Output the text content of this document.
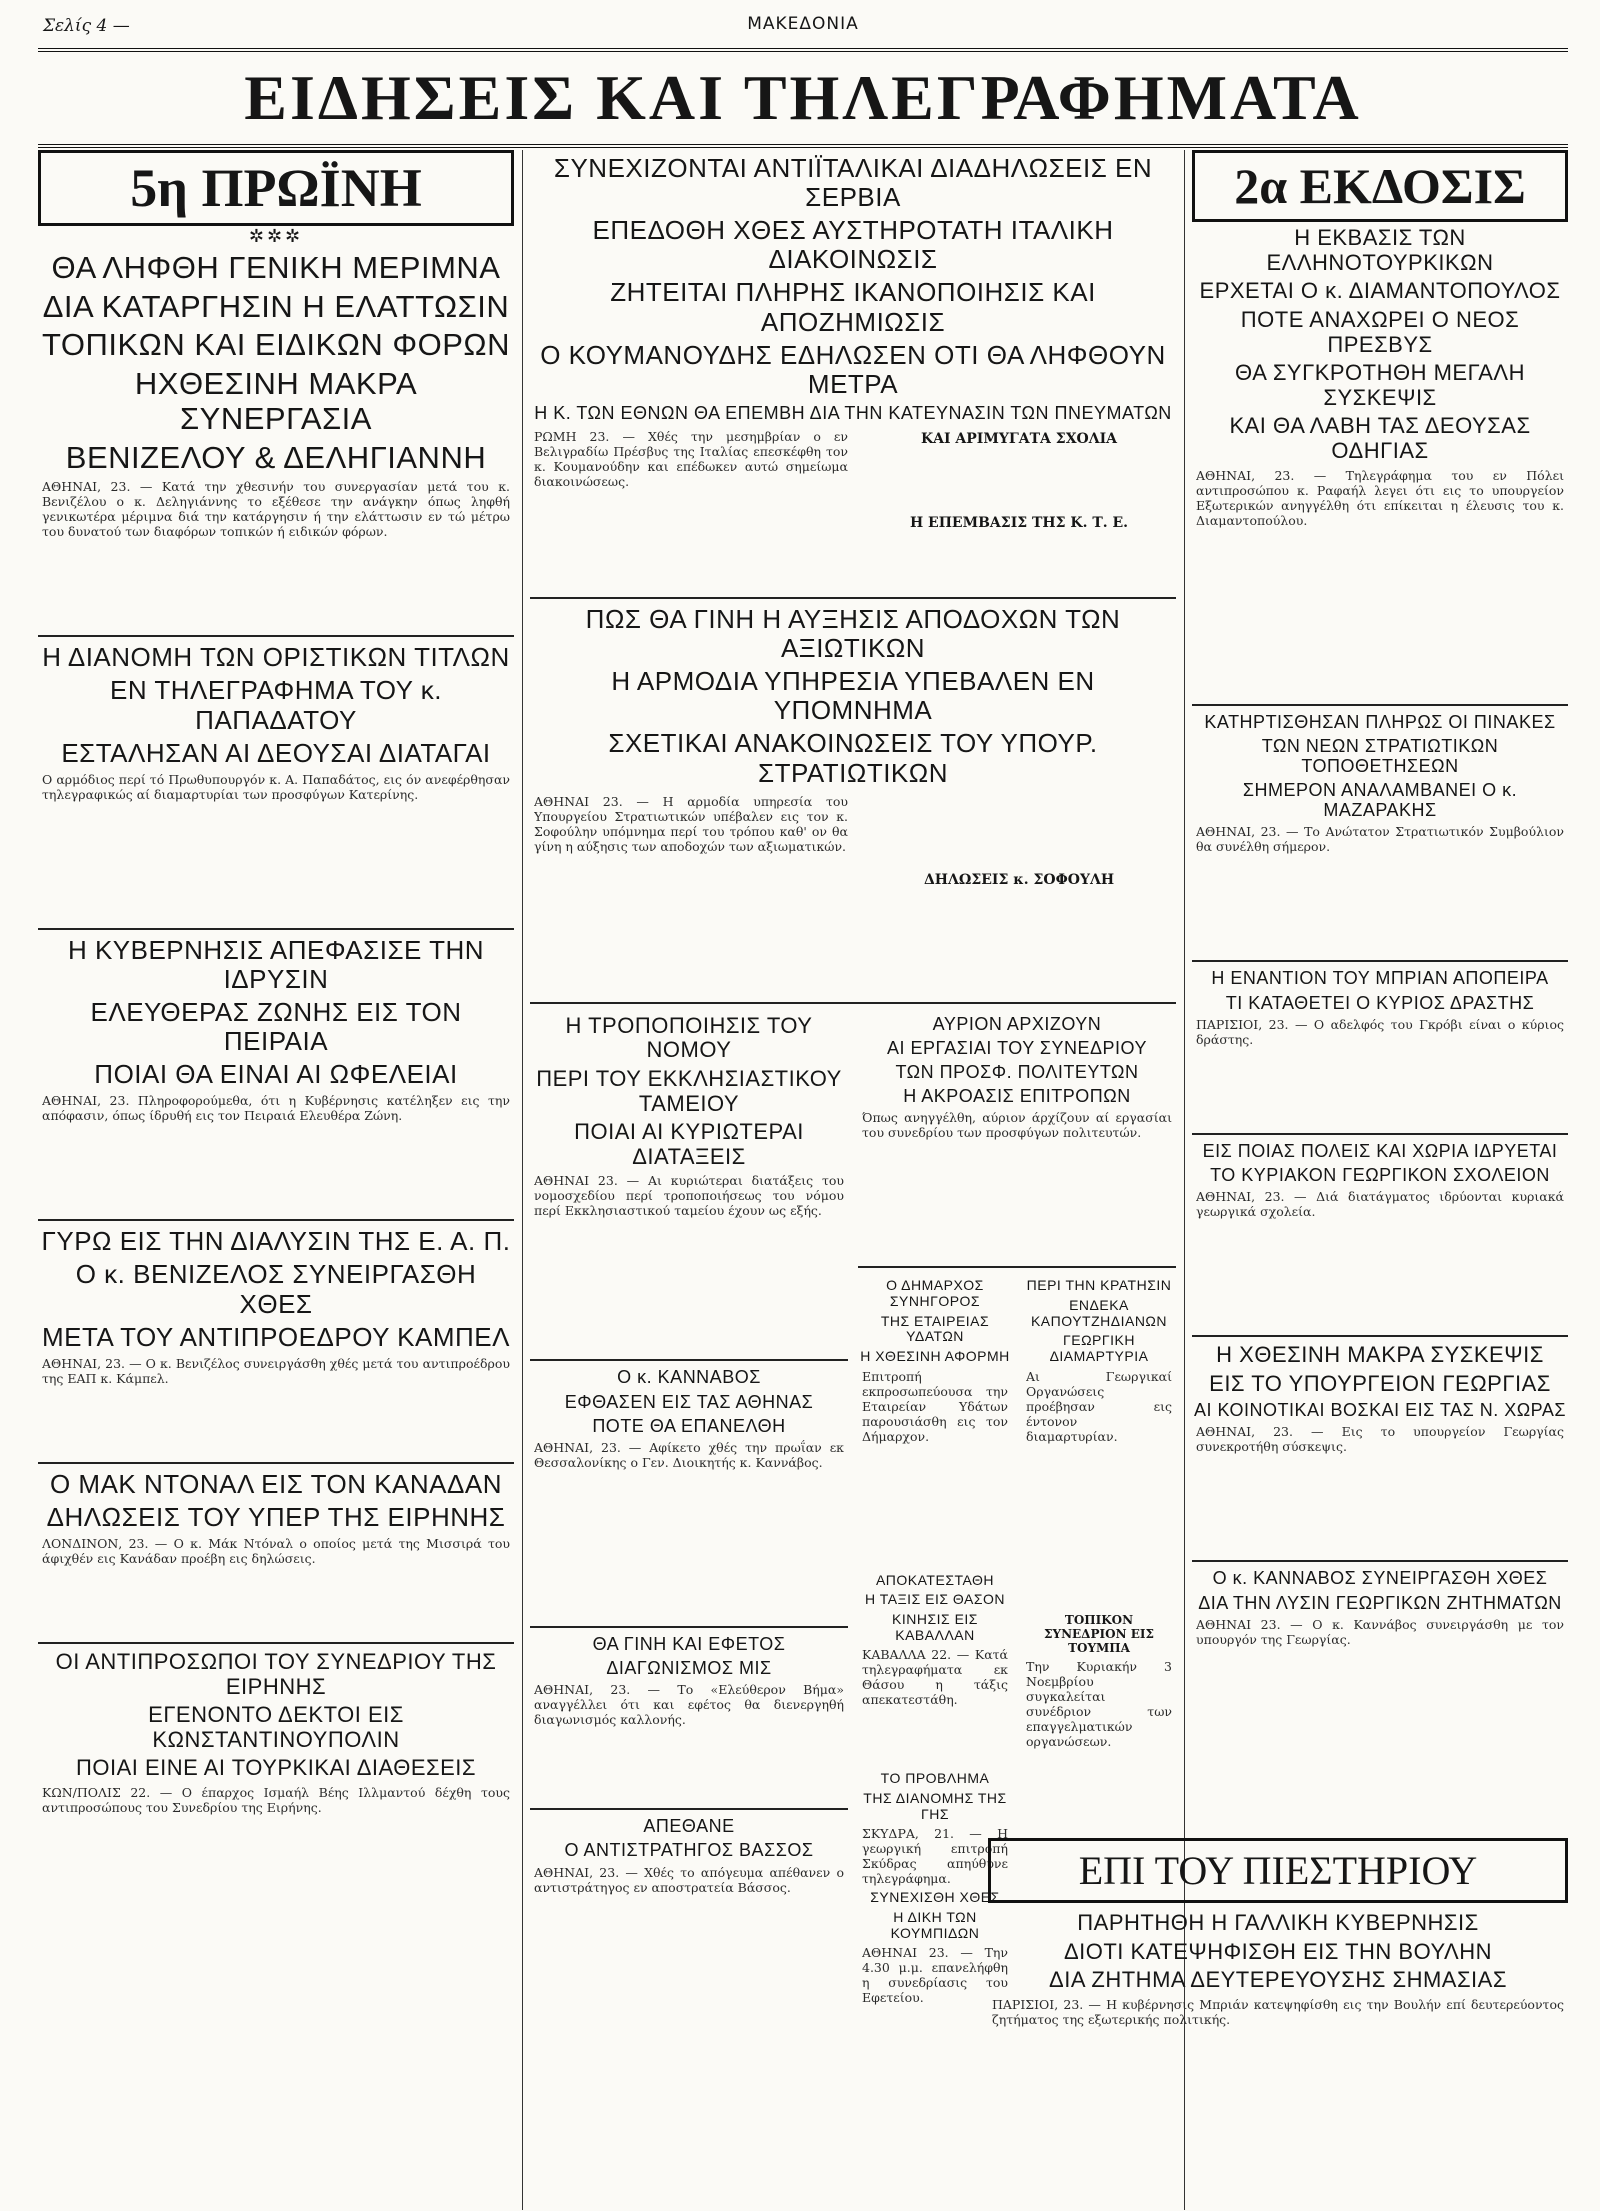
Σελίς 4 —	ΜΑΚΕΔΟΝΙΑ
ΕΙΔΗΣΕΙΣ ΚΑΙ ΤΗΛΕΓΡΑΦΗΜΑΤΑ
5η ΠΡΩΪΝΗ
✲✲✲
ΘΑ ΛΗΦΘΗ ΓΕΝΙΚΗ ΜΕΡΙΜΝΑ
ΔΙΑ ΚΑΤΑΡΓΗΣΙΝ Η ΕΛΑΤΤΩΣΙΝ
ΤΟΠΙΚΩΝ ΚΑΙ ΕΙΔΙΚΩΝ ΦΟΡΩΝ
ΗΧΘΕΣΙΝΗ ΜΑΚΡΑ ΣΥΝΕΡΓΑΣΙΑ
ΒΕΝΙΖΕΛΟΥ & ΔΕΛΗΓΙΑΝΝΗ
ΑΘΗΝΑΙ, 23. — Κατά την χθεσινήν του συνεργασίαν μετά του κ. Βενιζέλου ο κ. Δεληγιάννης το εξέθεσε την ανάγκην όπως ληφθή γενικωτέρα μέριμνα διά την κατάργησιν ή την ελάττωσιν εν τώ μέτρω του δυνατού των διαφόρων τοπικών ή ειδικών φόρων.
Η ΔΙΑΝΟΜΗ ΤΩΝ ΟΡΙΣΤΙΚΩΝ ΤΙΤΛΩΝ
ΕΝ ΤΗΛΕΓΡΑΦΗΜΑ ΤΟΥ κ. ΠΑΠΑΔΑΤΟΥ
ΕΣΤΑΛΗΣΑΝ ΑΙ ΔΕΟΥΣΑΙ ΔΙΑΤΑΓΑΙ
Ο αρμόδιος περί τό Πρωθυπουργόν κ. Α. Παπαδάτος, εις όν ανεφέρθησαν τηλεγραφικώς αί διαμαρτυρίαι των προσφύγων Κατερίνης.
Η ΚΥΒΕΡΝΗΣΙΣ ΑΠΕΦΑΣΙΣΕ ΤΗΝ ΙΔΡΥΣΙΝ
ΕΛΕΥΘΕΡΑΣ ΖΩΝΗΣ ΕΙΣ ΤΟΝ ΠΕΙΡΑΙΑ
ΠΟΙΑΙ ΘΑ ΕΙΝΑΙ ΑΙ ΩΦΕΛΕΙΑΙ
ΑΘΗΝΑΙ, 23. Πληροφορούμεθα, ότι η Κυβέρνησις κατέληξεν εις την απόφασιν, όπως ίδρυθή εις τον Πειραιά Ελευθέρα Ζώνη.
ΓΥΡΩ ΕΙΣ ΤΗΝ ΔΙΑΛΥΣΙΝ ΤΗΣ Ε. Α. Π.
Ο κ. ΒΕΝΙΖΕΛΟΣ ΣΥΝΕΙΡΓΑΣΘΗ ΧΘΕΣ
ΜΕΤΑ ΤΟΥ ΑΝΤΙΠΡΟΕΔΡΟΥ ΚΑΜΠΕΛ
ΑΘΗΝΑΙ, 23. — Ο κ. Βενιζέλος συνειργάσθη χθές μετά του αντιπροέδρου της ΕΑΠ κ. Κάμπελ.
Ο ΜΑΚ ΝΤΟΝΑΛ ΕΙΣ ΤΟΝ ΚΑΝΑΔΑΝ
ΔΗΛΩΣΕΙΣ ΤΟΥ ΥΠΕΡ ΤΗΣ ΕΙΡΗΝΗΣ
ΛΟΝΔΙΝΟΝ, 23. — Ο κ. Μάκ Ντόναλ ο οποίος μετά της Μισσιρά του άφιχθέν εις Κανάδαν προέβη εις δηλώσεις.
ΟΙ ΑΝΤΙΠΡΟΣΩΠΟΙ ΤΟΥ ΣΥΝΕΔΡΙΟΥ ΤΗΣ ΕΙΡΗΝΗΣ
ΕΓΕΝΟΝΤΟ ΔΕΚΤΟΙ ΕΙΣ ΚΩΝΣΤΑΝΤΙΝΟΥΠΟΛΙΝ
ΠΟΙΑΙ ΕΙΝΕ ΑΙ ΤΟΥΡΚΙΚΑΙ ΔΙΑΘΕΣΕΙΣ
ΚΩΝ/ΠΟΛΙΣ 22. — Ο έπαρχος Ισμαήλ Βέης Ιλλμαντού δέχθη τους αντιπροσώπους του Συνεδρίου της Ειρήνης.
ΣΥΝΕΧΙΖΟΝΤΑΙ ΑΝΤΙΪΤΑΛΙΚΑΙ ΔΙΑΔΗΛΩΣΕΙΣ ΕΝ ΣΕΡΒΙΑ
ΕΠΕΔΟΘΗ ΧΘΕΣ ΑΥΣΤΗΡΟΤΑΤΗ ΙΤΑΛΙΚΗ ΔΙΑΚΟΙΝΩΣΙΣ
ΖΗΤΕΙΤΑΙ ΠΛΗΡΗΣ ΙΚΑΝΟΠΟΙΗΣΙΣ ΚΑΙ ΑΠΟΖΗΜΙΩΣΙΣ
Ο ΚΟΥΜΑΝΟΥΔΗΣ ΕΔΗΛΩΣΕΝ ΟΤΙ ΘΑ ΛΗΦΘΟΥΝ ΜΕΤΡΑ
Η Κ. ΤΩΝ ΕΘΝΩΝ ΘΑ ΕΠΕΜΒΗ ΔΙΑ ΤΗΝ ΚΑΤΕΥΝΑΣΙΝ ΤΩΝ ΠΝΕΥΜΑΤΩΝ
ΡΩΜΗ 23. — Χθές την μεσημβρίαν ο εν Βελιγραδίω Πρέσβυς της Ιταλίας επεσκέφθη τον κ. Κουμανούδην και επέδωκεν αυτώ σημείωμα διακοινώσεως.
ΚΑΙ ΑΡΙΜΥΓΑΤΑ ΣΧΟΛΙΑ
Η ΕΠΕΜΒΑΣΙΣ ΤΗΣ Κ. Τ. Ε.
ΠΩΣ ΘΑ ΓΙΝΗ Η ΑΥΞΗΣΙΣ ΑΠΟΔΟΧΩΝ ΤΩΝ ΑΞΙΩΤΙΚΩΝ
Η ΑΡΜΟΔΙΑ ΥΠΗΡΕΣΙΑ ΥΠΕΒΑΛΕΝ ΕΝ ΥΠΟΜΝΗΜΑ
ΣΧΕΤΙΚΑΙ ΑΝΑΚΟΙΝΩΣΕΙΣ ΤΟΥ ΥΠΟΥΡ. ΣΤΡΑΤΙΩΤΙΚΩΝ
ΑΘΗΝΑΙ 23. — Η αρμοδία υπηρεσία του Υπουργείου Στρατιωτικών υπέβαλεν εις τον κ. Σοφούλην υπόμνημα περί του τρόπου καθ' ον θα γίνη η αύξησις των αποδοχών των αξιωματικών.
ΔΗΛΩΣΕΙΣ κ. ΣΟΦΟΥΛΗ
Η ΤΡΟΠΟΠΟΙΗΣΙΣ ΤΟΥ ΝΟΜΟΥ
ΠΕΡΙ ΤΟΥ ΕΚΚΛΗΣΙΑΣΤΙΚΟΥ ΤΑΜΕΙΟΥ
ΠΟΙΑΙ ΑΙ ΚΥΡΙΩΤΕΡΑΙ ΔΙΑΤΑΞΕΙΣ
ΑΘΗΝΑΙ 23. — Αι κυριώτεραι διατάξεις του νομοσχεδίου περί τροποποιήσεως του νόμου περί Εκκλησιαστικού ταμείου έχουν ως εξής.
Ο κ. ΚΑΝΝΑΒΟΣ
ΕΦΘΑΣΕΝ ΕΙΣ ΤΑΣ ΑΘΗΝΑΣ
ΠΟΤΕ ΘΑ ΕΠΑΝΕΛΘΗ
ΑΘΗΝΑΙ, 23. — Αφίκετο χθές την πρωΐαν εκ Θεσσαλονίκης ο Γεν. Διοικητής κ. Καννάβος.
ΘΑ ΓΙΝΗ ΚΑΙ ΕΦΕΤΟΣ
ΔΙΑΓΩΝΙΣΜΟΣ ΜΙΣ
ΑΘΗΝΑΙ, 23. — Το «Ελεύθερον Βήμα» αναγγέλλει ότι και εφέτος θα διενεργηθή διαγωνισμός καλλονής.
ΑΠΕΘΑΝΕ
Ο ΑΝΤΙΣΤΡΑΤΗΓΟΣ ΒΑΣΣΟΣ
ΑΘΗΝΑΙ, 23. — Χθές το απόγευμα απέθανεν ο αντιστράτηγος εν αποστρατεία Βάσσος.
ΑΥΡΙΟΝ ΑΡΧΙΖΟΥΝ
ΑΙ ΕΡΓΑΣΙΑΙ ΤΟΥ ΣΥΝΕΔΡΙΟΥ
ΤΩΝ ΠΡΟΣΦ. ΠΟΛΙΤΕΥΤΩΝ
Η ΑΚΡΟΑΣΙΣ ΕΠΙΤΡΟΠΩΝ
Όπως ανηγγέλθη, αύριον άρχίζουν αί εργασίαι του συνεδρίου των προσφύγων πολιτευτών.
Ο ΔΗΜΑΡΧΟΣ ΣΥΝΗΓΟΡΟΣ
ΤΗΣ ΕΤΑΙΡΕΙΑΣ ΥΔΑΤΩΝ
Η ΧΘΕΣΙΝΗ ΑΦΟΡΜΗ
Επιτροπή εκπροσωπεύουσα την Εταιρείαν Υδάτων παρουσιάσθη εις τον Δήμαρχον.
ΑΠΟΚΑΤΕΣΤΑΘΗ
Η ΤΑΞΙΣ ΕΙΣ ΘΑΣΟΝ
ΚΙΝΗΣΙΣ ΕΙΣ ΚΑΒΑΛΛΑΝ
ΚΑΒΑΛΛΑ 22. — Κατά τηλεγραφήματα εκ Θάσου η τάξις απεκατεστάθη.
ΤΟ ΠΡΟΒΛΗΜΑ
ΤΗΣ ΔΙΑΝΟΜΗΣ ΤΗΣ ΓΗΣ
ΣΚΥΔΡΑ, 21. — Η γεωργική επιτροπή Σκύδρας απηύθυνε τηλεγράφημα.
ΣΥΝΕΧΙΣΘΗ ΧΘΕΣ
Η ΔΙΚΗ ΤΩΝ ΚΟΥΜΠΙΔΩΝ
ΑΘΗΝΑΙ 23. — Την 4.30 μ.μ. επανελήφθη η συνεδρίασις του Εφετείου.
ΠΕΡΙ ΤΗΝ ΚΡΑΤΗΣΙΝ
ΕΝΔΕΚΑ ΚΑΠΟΥΤΖΗΔΙΑΝΩΝ
ΓΕΩΡΓΙΚΗ ΔΙΑΜΑΡΤΥΡΙΑ
Αι Γεωργικαί Οργανώσεις προέβησαν εις έντονον διαμαρτυρίαν.
ΤΟΠΙΚΟΝ ΣΥΝΕΔΡΙΟΝ ΕΙΣ ΤΟΥΜΠΑ
Την Κυριακήν 3 Νοεμβρίου συγκαλείται συνέδριον των επαγγελματικών οργανώσεων.
2α ΕΚΔΟΣΙΣ
Η ΕΚΒΑΣΙΣ ΤΩΝ ΕΛΛΗΝΟΤΟΥΡΚΙΚΩΝ
ΕΡΧΕΤΑΙ Ο κ. ΔΙΑΜΑΝΤΟΠΟΥΛΟΣ
ΠΟΤΕ ΑΝΑΧΩΡΕΙ Ο ΝΕΟΣ ΠΡΕΣΒΥΣ
ΘΑ ΣΥΓΚΡΟΤΗΘΗ ΜΕΓΑΛΗ ΣΥΣΚΕΨΙΣ
ΚΑΙ ΘΑ ΛΑΒΗ ΤΑΣ ΔΕΟΥΣΑΣ ΟΔΗΓΙΑΣ
ΑΘΗΝΑΙ, 23. — Τηλεγράφημα του εν Πόλει αντιπροσώπου κ. Ραφαήλ λεγει ότι εις το υπουργείον Εξωτερικών ανηγγέλθη ότι επίκειται η έλευσις του κ. Διαμαντοπούλου.
ΚΑΤΗΡΤΙΣΘΗΣΑΝ ΠΛΗΡΩΣ ΟΙ ΠΙΝΑΚΕΣ
ΤΩΝ ΝΕΩΝ ΣΤΡΑΤΙΩΤΙΚΩΝ ΤΟΠΟΘΕΤΗΣΕΩΝ
ΣΗΜΕΡΟΝ ΑΝΑΛΑΜΒΑΝΕΙ Ο κ. ΜΑΖΑΡΑΚΗΣ
ΑΘΗΝΑΙ, 23. — Το Ανώτατον Στρατιωτικόν Συμβούλιον θα συνέλθη σήμερον.
Η ΕΝΑΝΤΙΟΝ ΤΟΥ ΜΠΡΙΑΝ ΑΠΟΠΕΙΡΑ
ΤΙ ΚΑΤΑΘΕΤΕΙ Ο ΚΥΡΙΟΣ ΔΡΑΣΤΗΣ
ΠΑΡΙΣΙΟΙ, 23. — Ο αδελφός του Γκρόβι είναι ο κύριος δράστης.
ΕΙΣ ΠΟΙΑΣ ΠΟΛΕΙΣ ΚΑΙ ΧΩΡΙΑ ΙΔΡΥΕΤΑΙ
ΤΟ ΚΥΡΙΑΚΟΝ ΓΕΩΡΓΙΚΟΝ ΣΧΟΛΕΙΟΝ
ΑΘΗΝΑΙ, 23. — Διά διατάγματος ιδρύονται κυριακά γεωργικά σχολεία.
Η ΧΘΕΣΙΝΗ ΜΑΚΡΑ ΣΥΣΚΕΨΙΣ
ΕΙΣ ΤΟ ΥΠΟΥΡΓΕΙΟΝ ΓΕΩΡΓΙΑΣ
ΑΙ ΚΟΙΝΟΤΙΚΑΙ ΒΟΣΚΑΙ ΕΙΣ ΤΑΣ Ν. ΧΩΡΑΣ
ΑΘΗΝΑΙ, 23. — Εις το υπουργείον Γεωργίας συνεκροτήθη σύσκεψις.
Ο κ. ΚΑΝΝΑΒΟΣ ΣΥΝΕΙΡΓΑΣΘΗ ΧΘΕΣ
ΔΙΑ ΤΗΝ ΛΥΣΙΝ ΓΕΩΡΓΙΚΩΝ ΖΗΤΗΜΑΤΩΝ
ΑΘΗΝΑΙ 23. — Ο κ. Καννάβος συνειργάσθη με τον υπουργόν της Γεωργίας.
ΕΠΙ ΤΟΥ ΠΙΕΣΤΗΡΙΟΥ
ΠΑΡΗΤΗΘΗ Η ΓΑΛΛΙΚΗ ΚΥΒΕΡΝΗΣΙΣ
ΔΙΟΤΙ ΚΑΤΕΨΗΦΙΣΘΗ ΕΙΣ ΤΗΝ ΒΟΥΛΗΝ
ΔΙΑ ΖΗΤΗΜΑ ΔΕΥΤΕΡΕΥΟΥΣΗΣ ΣΗΜΑΣΙΑΣ
ΠΑΡΙΣΙΟΙ, 23. — Η κυβέρνησις Μπριάν κατεψηφίσθη εις την Βουλήν επί δευτερεύοντος ζητήματος της εξωτερικής πολιτικής.
